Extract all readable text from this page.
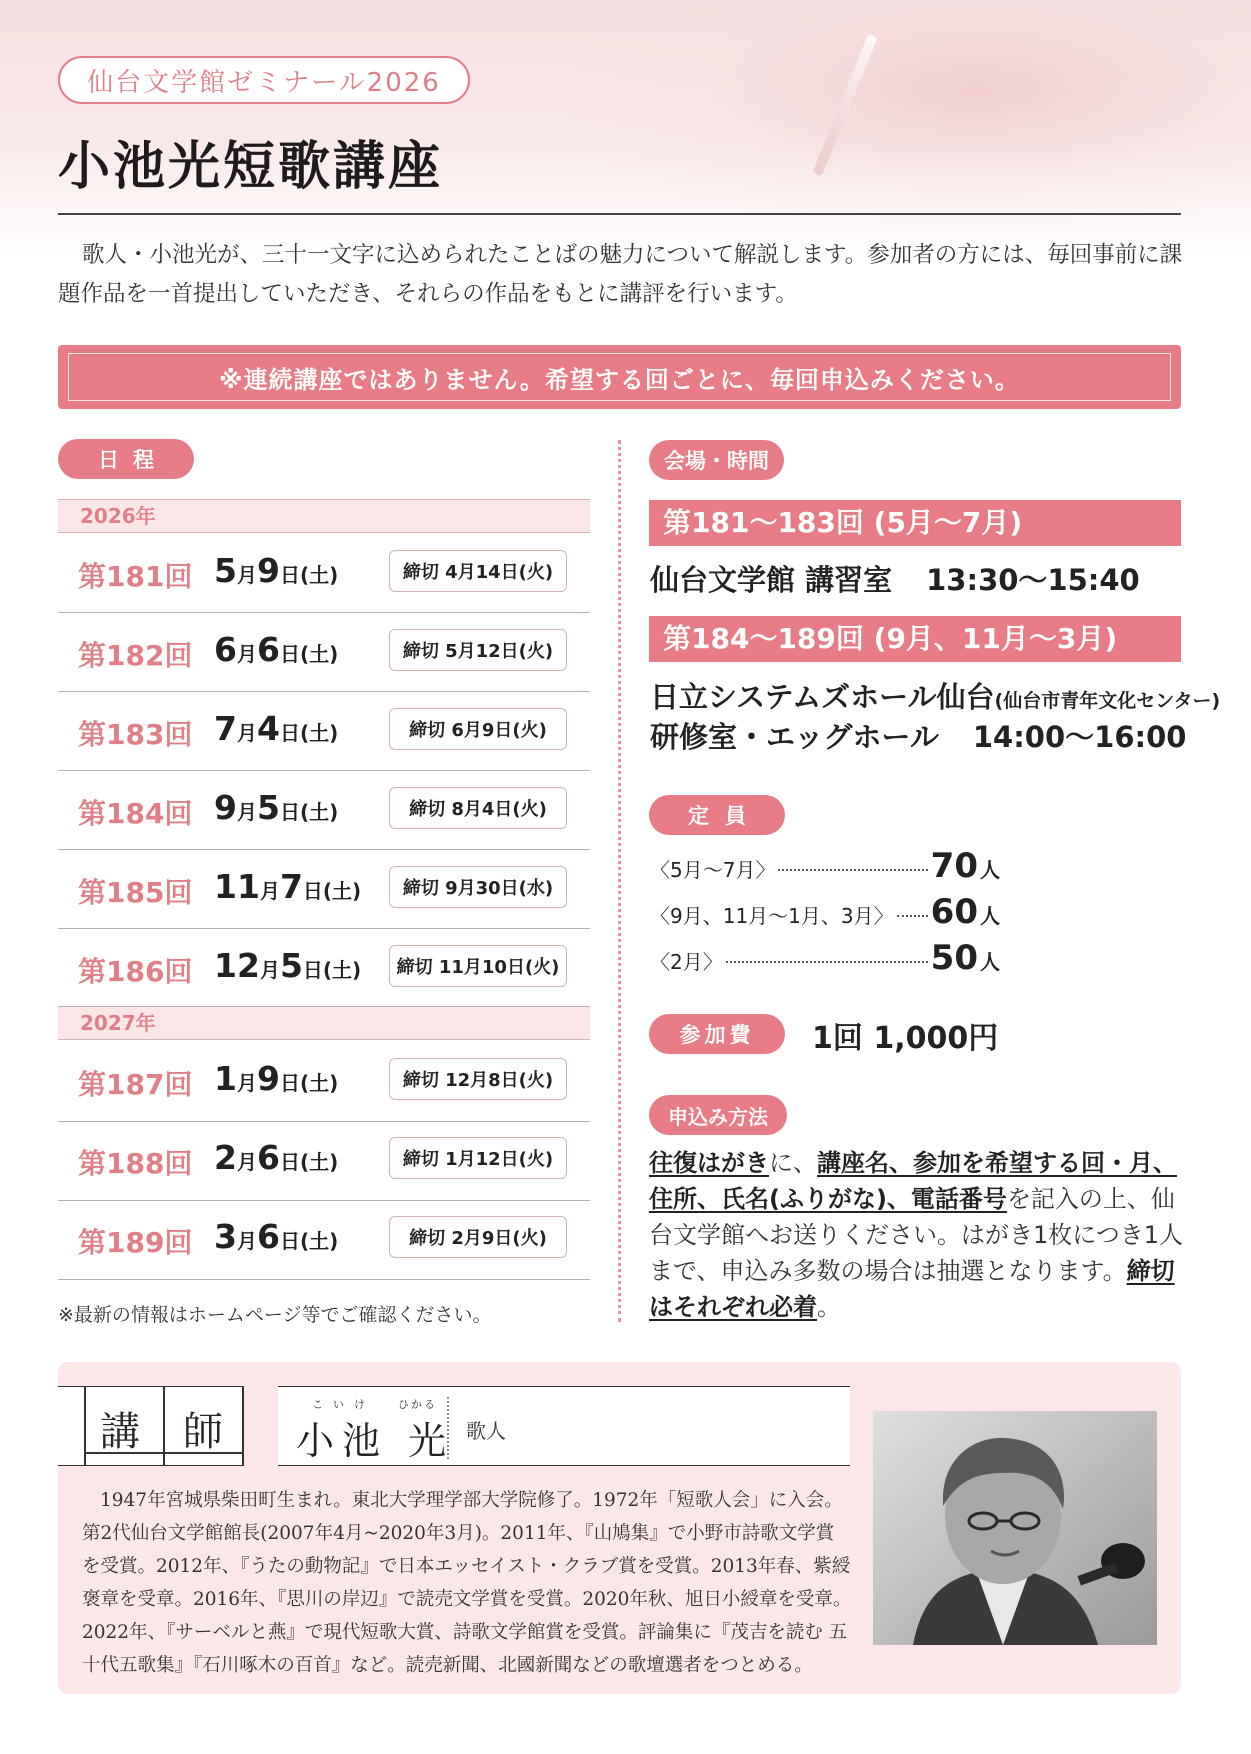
仙台文学館ゼミナール2026
小池光短歌講座
歌人・小池光が、三十一文字に込められたことばの魅力について解説します。参加者の方には、毎回事前に課題作品を一首提出していただき、それらの作品をもとに講評を行います。
※連続講座ではありません。希望する回ごとに、毎回申込みください。
日程
2026年
2027年
第181回 5月9日(土)	締切 4月14日(火)
第182回 6月6日(土)	締切 5月12日(火)
第183回 7月4日(土)	締切 6月9日(火)
第184回 9月5日(土)	締切 8月4日(火)
第185回 11月7日(土)	締切 9月30日(水)
第186回 12月5日(土)	締切 11月10日(火)
第187回 1月9日(土)	締切 12月8日(火)
第188回 2月6日(土)	締切 1月12日(火)
第189回 3月6日(土)	締切 2月9日(火)
※最新の情報はホームページ等でご確認ください。
会場・時間
第181〜183回 (5月〜7月)
仙台文学館 講習室 13:30〜15:40
第184〜189回 (9月、11月〜3月)
日立システムズホール仙台(仙台市青年文化センター)
研修室・エッグホール 14:00〜16:00
定員
〈5月〜7月〉	70 人
〈9月、11月〜1月、3月〉 60 人
〈2月〉	50 人
参加費	1回 1,000円
申込み方法
往復はがきに、講座名、参加を希望する回・月、住所、氏名(ふりがな)、電話番号を記入の上、仙台文学館へお送りください。はがき1枚につき1人まで、申込み多数の場合は抽選となります。締切はそれぞれ必着。
講 師
こいけ ひかる
小池 光 歌人
1947年宮城県柴田町生まれ。東北大学理学部大学院修了。1972年「短歌人会」に入会。第2代仙台文学館館長(2007年4月~2020年3月)。2011年、『山鳩集』で小野市詩歌文学賞を受賞。2012年、『うたの動物記』で日本エッセイスト・クラブ賞を受賞。2013年春、紫綬褒章を受章。2016年、『思川の岸辺』で読売文学賞を受賞。2020年秋、旭日小綬章を受章。2022年、『サーベルと燕』で現代短歌大賞、詩歌文学館賞を受賞。評論集に『茂吉を読む 五十代五歌集』『石川啄木の百首』など。読売新聞、北國新聞などの歌壇選者をつとめる。
